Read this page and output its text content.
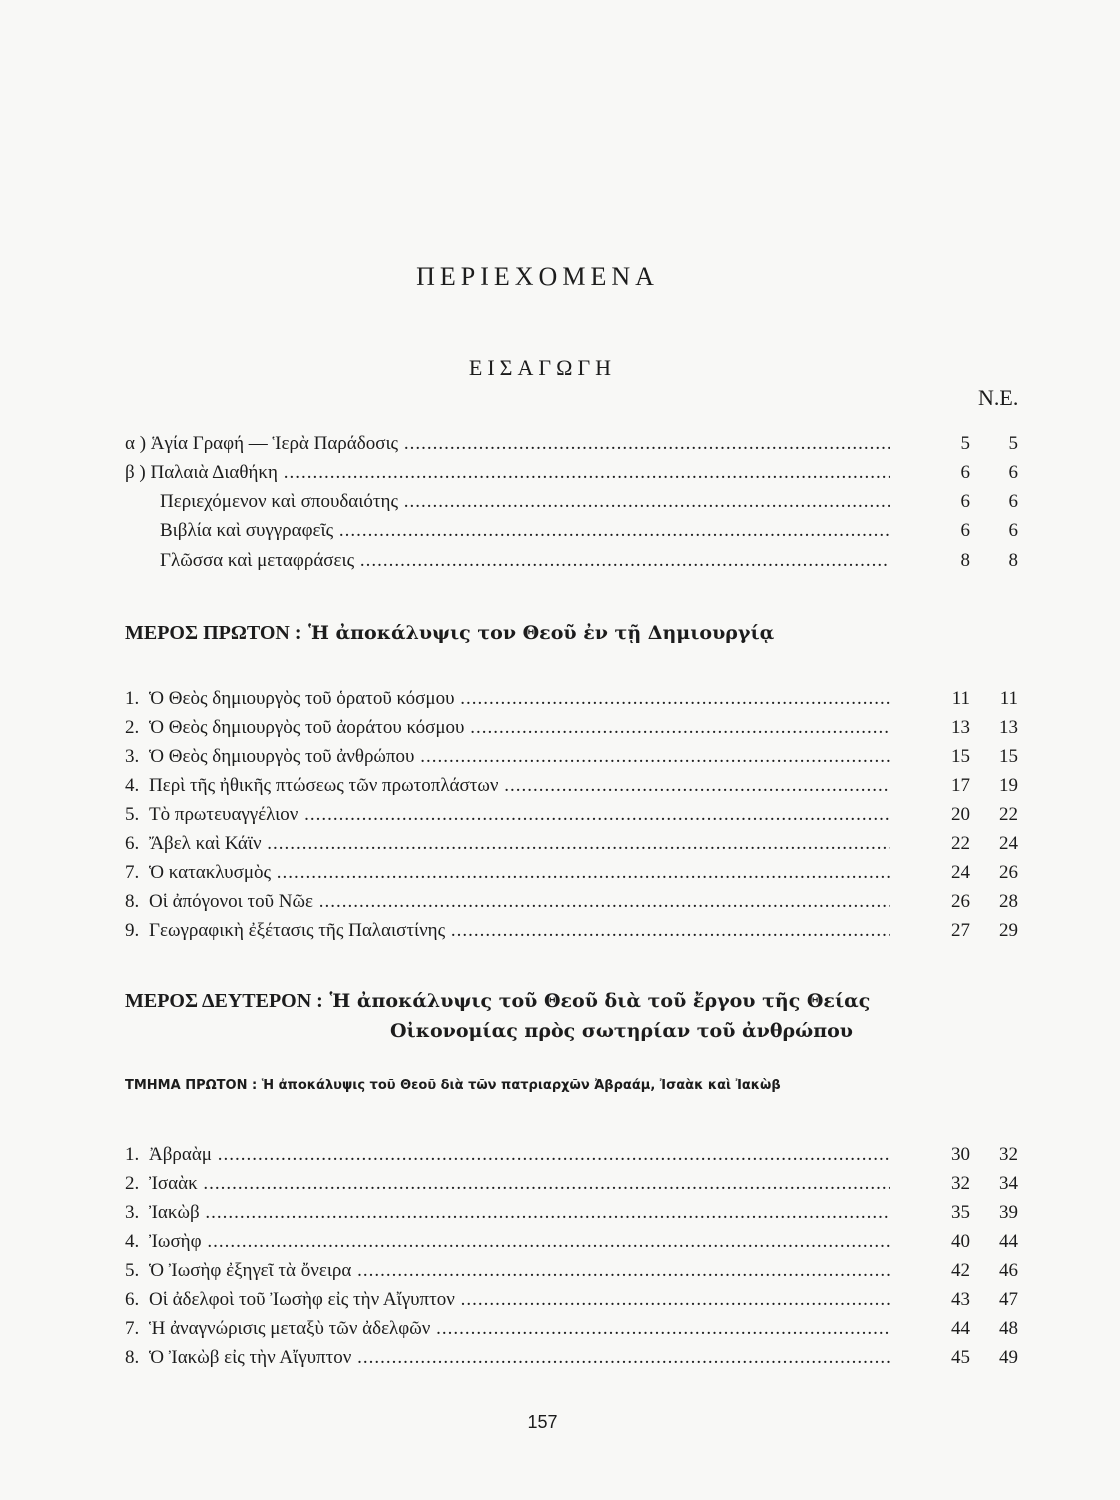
ΠΕΡΙΕΧΟΜΕΝΑ
ΕΙΣΑΓΩΓΗ
Ν.Ε.
α ) Ἁγία Γραφή — Ἱερὰ Παράδοσις .....	5	5
β ) Παλαιὰ Διαθήκη .....	6	6
Περιεχόμενον καὶ σπουδαιότης .....	6	6
Βιβλία καὶ συγγραφεῖς .....	6	6
Γλῶσσα καὶ μεταφράσεις .....	8	8
ΜΕΡΟΣ ΠΡΩΤΟΝ : Ἡ ἀποκάλυψις τον Θεοῦ ἐν τῇ Δημιουργίᾳ
1. Ὁ Θεὸς δημιουργὸς τοῦ ὁρατοῦ κόσμου .....	11	11
2. Ὁ Θεὸς δημιουργὸς τοῦ ἀοράτου κόσμου .....	13	13
3. Ὁ Θεὸς δημιουργὸς τοῦ ἀνθρώπου .....	15	15
4. Περὶ τῆς ἠθικῆς πτώσεως τῶν πρωτοπλάστων .....	17	19
5. Τὸ πρωτευαγγέλιον .....	20	22
6. Ἄβελ καὶ Κάϊν .....	22	24
7. Ὁ κατακλυσμὸς .....	24	26
8. Οἱ ἀπόγονοι τοῦ Νῶε .....	26	28
9. Γεωγραφικὴ ἐξέτασις τῆς Παλαιστίνης .....	27	29
ΜΕΡΟΣ ΔΕΥΤΕΡΟΝ : Ἡ ἀποκάλυψις τοῦ Θεοῦ διὰ τοῦ ἔργου τῆς Θείας
Οἰκονομίας πρὸς σωτηρίαν τοῦ ἀνθρώπου
ΤΜΗΜΑ ΠΡΩΤΟΝ : Ἡ ἀποκάλυψις τοῦ Θεοῦ διὰ τῶν πατριαρχῶν Ἀβραάμ, Ἰσαὰκ καὶ Ἰακὼβ
1. Ἀβραὰμ .....	30	32
2. Ἰσαὰκ .....	32	34
3. Ἰακὼβ .....	35	39
4. Ἰωσὴφ .....	40	44
5. Ὁ Ἰωσὴφ ἐξηγεῖ τὰ ὄνειρα .....	42	46
6. Οἱ ἀδελφοὶ τοῦ Ἰωσὴφ εἰς τὴν Αἴγυπτον .....	43	47
7. Ἡ ἀναγνώρισις μεταξὺ τῶν ἀδελφῶν .....	44	48
8. Ὁ Ἰακὼβ εἰς τὴν Αἴγυπτον .....	45	49
157
